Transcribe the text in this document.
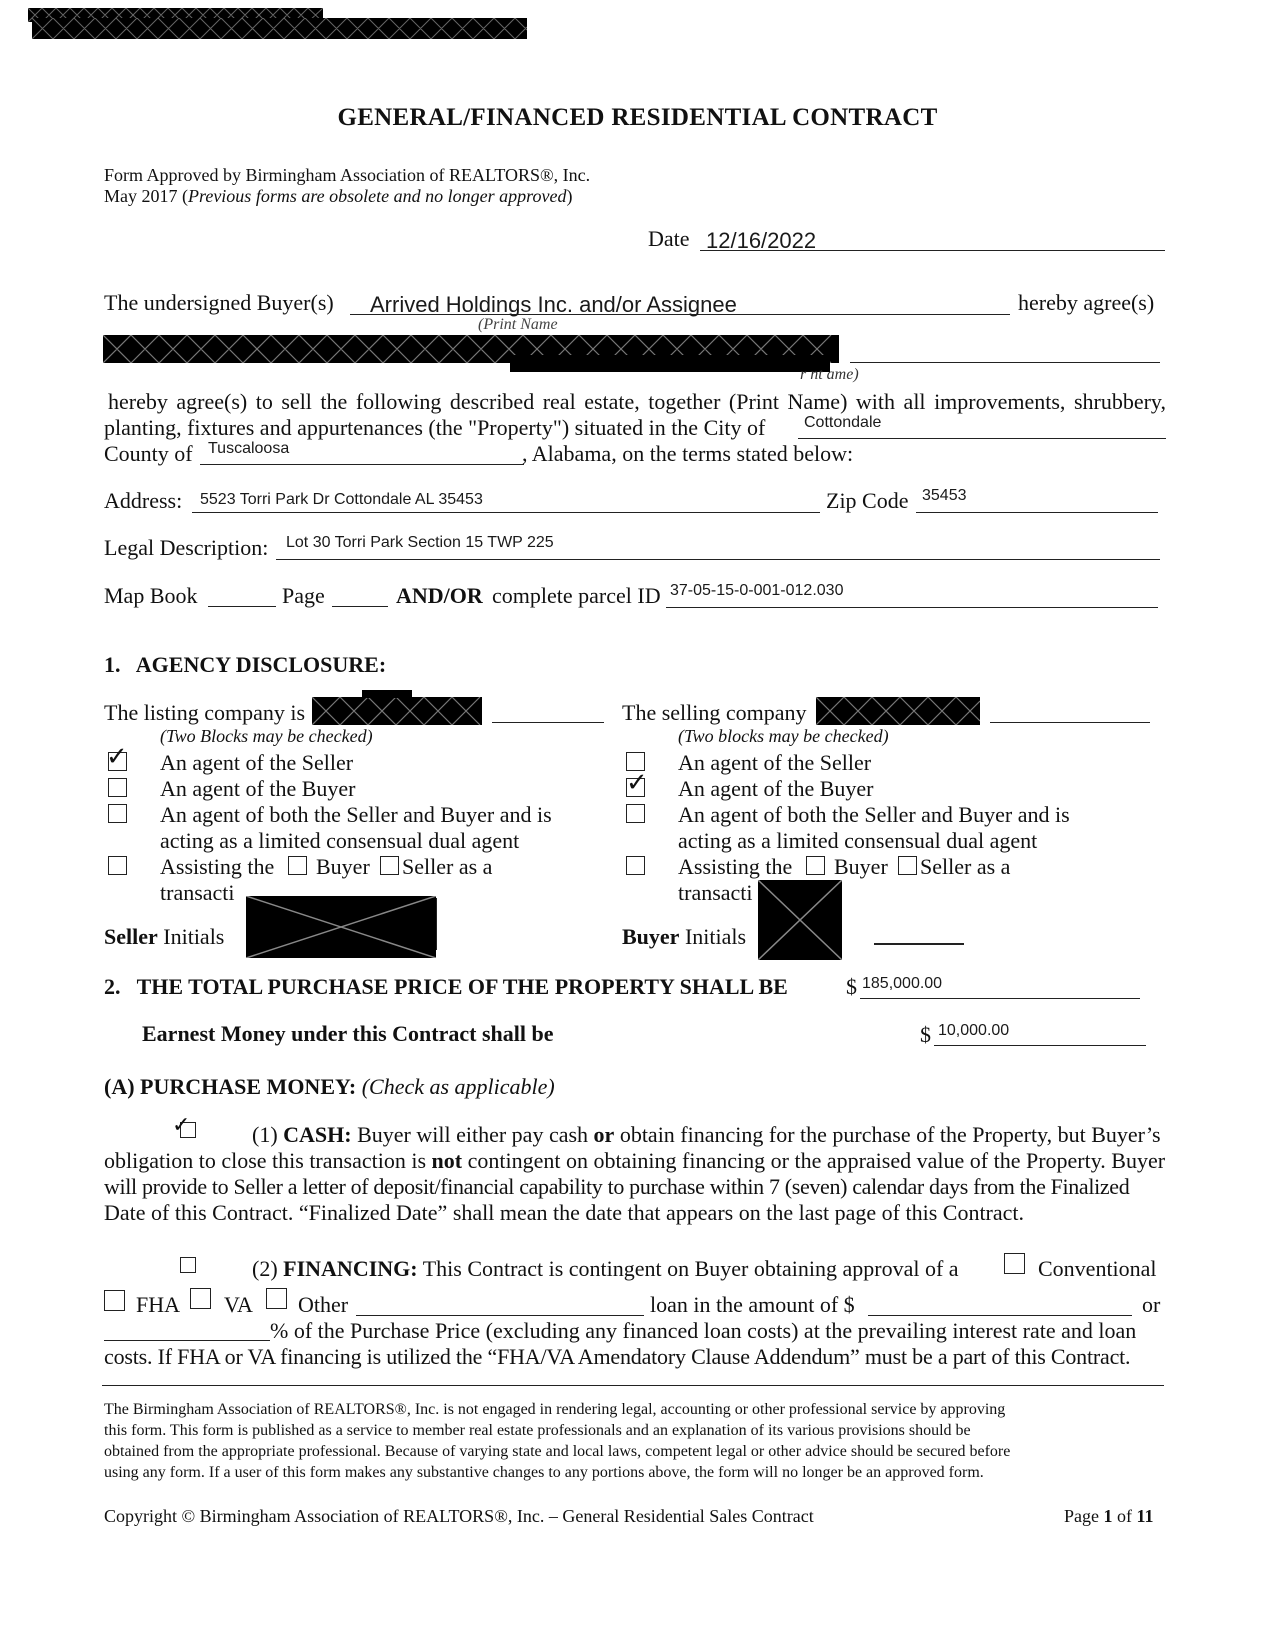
GENERAL/FINANCED RESIDENTIAL CONTRACT
Form Approved by Birmingham Association of REALTORS®, Inc.
May 2017 (Previous forms are obsolete and no longer approved)
Date 12/16/2022
The undersigned Buyer(s) Arrived Holdings Inc. and/or Assignee	hereby agree(s)
(Print Name
r nt ame)
hereby agree(s) to sell the following described real estate, together (Print Name) with all improvements, shrubbery,
planting, fixtures and appurtenances (the "Property") situated in the City of Cottondale
County of Tuscaloosa	, Alabama, on the terms stated below:
Address: 5523 Torri Park Dr Cottondale AL 35453	Zip Code 35453
Legal Description: Lot 30 Torri Park Section 15 TWP 225
Map Book	Page	AND/OR complete parcel ID 37-05-15-0-001-012.030
1.   AGENCY DISCLOSURE:
The listing company is
(Two Blocks may be checked)
✓ An agent of the Seller
An agent of the Buyer
An agent of both the Seller and Buyer and is
acting as a limited consensual dual agent
Assisting the Buyer Seller as a
transacti
Seller Initials
The selling company
(Two blocks may be checked)
An agent of the Seller
✓ An agent of the Buyer
An agent of both the Seller and Buyer and is
acting as a limited consensual dual agent
Assisting the Buyer Seller as a
transacti
Buyer Initials
2.   THE TOTAL PURCHASE PRICE OF THE PROPERTY SHALL BE	$ 185,000.00
Earnest Money under this Contract shall be	$ 10,000.00
(A) PURCHASE MONEY: (Check as applicable)
✓	(1) CASH: Buyer will either pay cash or obtain financing for the purchase of the Property, but Buyer’s
obligation to close this transaction is not contingent on obtaining financing or the appraised value of the Property. Buyer
will provide to Seller a letter of deposit/financial capability to purchase within 7 (seven) calendar days from the Finalized
Date of this Contract. “Finalized Date” shall mean the date that appears on the last page of this Contract.
(2) FINANCING: This Contract is contingent on Buyer obtaining approval of a	Conventional
FHA VA Other	loan in the amount of $	or
% of the Purchase Price (excluding any financed loan costs) at the prevailing interest rate and loan
costs. If FHA or VA financing is utilized the “FHA/VA Amendatory Clause Addendum” must be a part of this Contract.
The Birmingham Association of REALTORS®, Inc. is not engaged in rendering legal, accounting or other professional service by approving
this form. This form is published as a service to member real estate professionals and an explanation of its various provisions should be
obtained from the appropriate professional. Because of varying state and local laws, competent legal or other advice should be secured before
using any form. If a user of this form makes any substantive changes to any portions above, the form will no longer be an approved form.
Copyright © Birmingham Association of REALTORS®, Inc. – General Residential Sales Contract	Page 1 of 11
